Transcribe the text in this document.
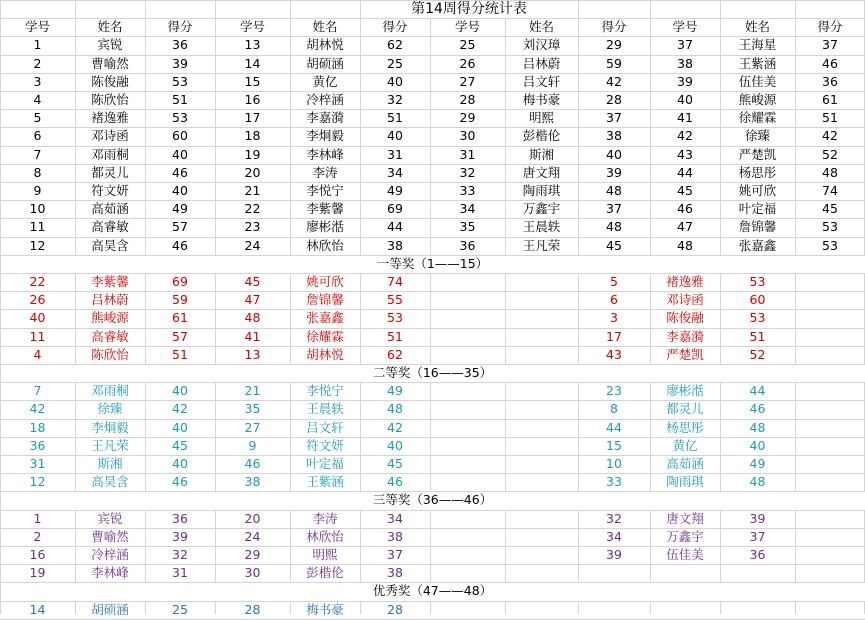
第14周得分统计表
学号	姓名	得分	学号	姓名	得分	学号	姓名	得分	学号	姓名	得分
1	宾锐	36	13	胡林悦	62	25	刘汉璋	29	37	王海星	37
2	曹喻然	39	14	胡硕涵	25	26	吕林蔚	59	38	王紫涵	46
3	陈俊融	53	15	黄亿	40	27	吕文轩	42	39	伍佳美	36
4	陈欣怡	51	16	冷梓涵	32	28	梅书豪	28	40	熊峻源	61
5	褚逸雅	53	17	李嘉漪	51	29	明熙	37	41	徐耀霖	51
6	邓诗函	60	18	李炯毅	40	30	彭楷伦	38	42	徐臻	42
7	邓雨桐	40	19	李林峰	31	31	斯湘	40	43	严楚凯	52
8	都灵儿	46	20	李涛	34	32	唐文翔	39	44	杨思彤	48
9	符文妍	40	21	李悦宁	49	33	陶雨琪	48	45	姚可欣	74
10	高茹涵	49	22	李紫馨	69	34	万鑫宇	37	46	叶定福	45
11	高睿敏	57	23	廖彬湉	44	35	王晨轶	48	47	詹锦馨	53
12	高昊含	46	24	林欣怡	38	36	王凡荣	45	48	张嘉鑫	53
一等奖（1——15）
22	李紫馨	69	45	姚可欣	74	5	褚逸雅	53
26	吕林蔚	59	47	詹锦馨	55	6	邓诗函	60
40	熊峻源	61	48	张嘉鑫	53	3	陈俊融	53
11	高睿敏	57	41	徐耀霖	51	17	李嘉漪	51
4	陈欣怡	51	13	胡林悦	62	43	严楚凯	52
二等奖（16——35）
7	邓雨桐	40	21	李悦宁	49	23	廖彬湉	44
42	徐臻	42	35	王晨轶	48	8	都灵儿	46
18	李炯毅	40	27	吕文轩	42	44	杨思彤	48
36	王凡荣	45	9	符文妍	40	15	黄亿	40
31	斯湘	40	46	叶定福	45	10	高茹涵	49
12	高昊含	46	38	王紫涵	46	33	陶雨琪	48
三等奖（36——46）
1	宾锐	36	20	李涛	34	32	唐文翔	39
2	曹喻然	39	24	林欣怡	38	34	万鑫宇	37
16	冷梓涵	32	29	明熙	37	39	伍佳美	36
19	李林峰	31	30	彭楷伦	38
优秀奖（47——48）
14	胡硕涵	25	28	梅书豪	28
